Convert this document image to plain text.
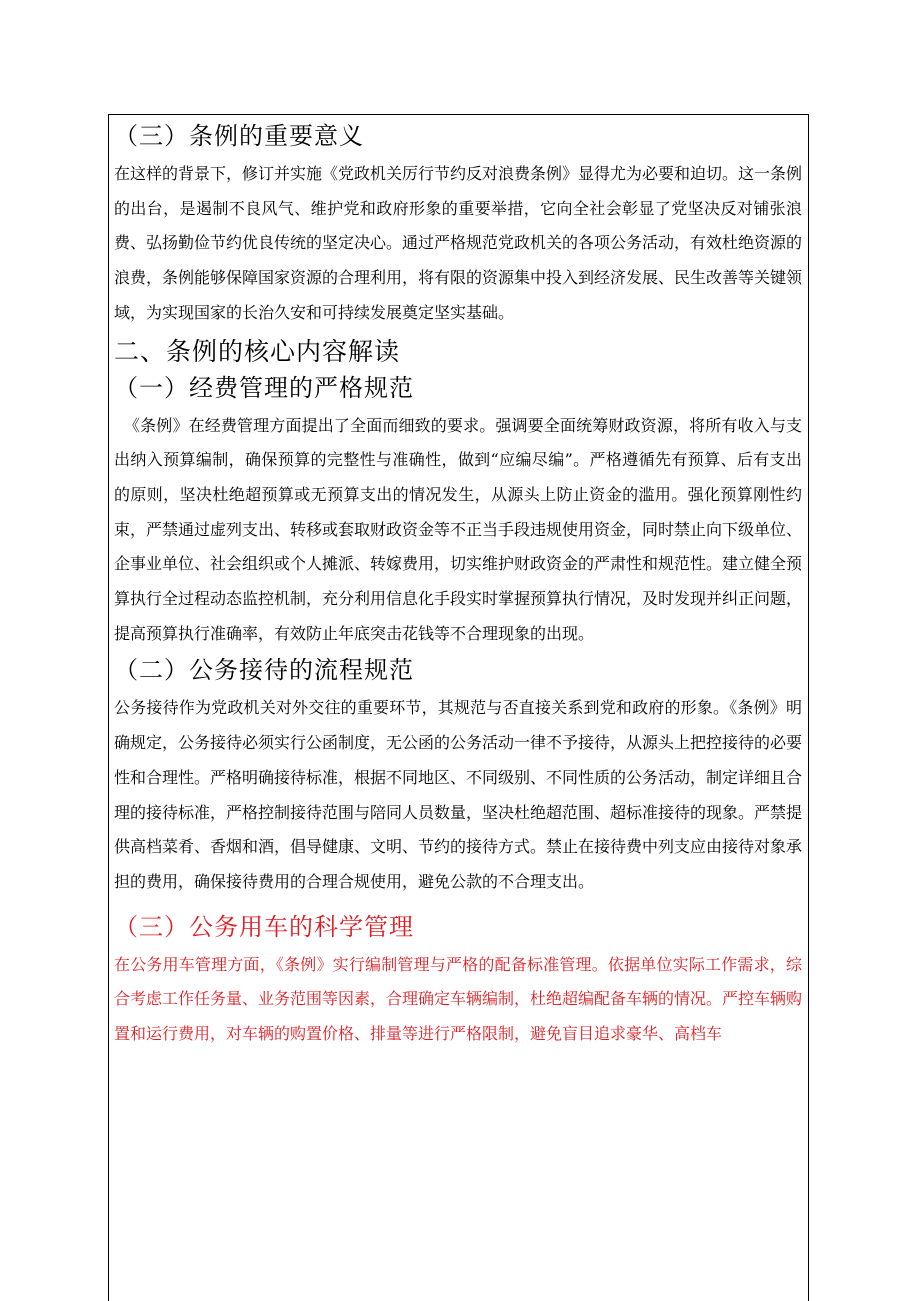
（三）条例的重要意义

在这样的背景下，修订并实施《党政机关厉行节约反对浪费条例》显得尤为必要和迫切。这一条例的出台，是遏制不良风气、维护党和政府形象的重要举措，它向全社会彰显了党坚决反对铺张浪费、弘扬勤俭节约优良传统的坚定决心。通过严格规范党政机关的各项公务活动，有效杜绝资源的浪费，条例能够保障国家资源的合理利用，将有限的资源集中投入到经济发展、民生改善等关键领域，为实现国家的长治久安和可持续发展奠定坚实基础。

二、条例的核心内容解读
（一）经费管理的严格规范

《条例》在经费管理方面提出了全面而细致的要求。强调要全面统筹财政资源，将所有收入与支出纳入预算编制，确保预算的完整性与准确性，做到“应编尽编”。严格遵循先有预算、后有支出的原则，坚决杜绝超预算或无预算支出的情况发生，从源头上防止资金的滥用。强化预算刚性约束，严禁通过虚列支出、转移或套取财政资金等不正当手段违规使用资金，同时禁止向下级单位、企事业单位、社会组织或个人摊派、转嫁费用，切实维护财政资金的严肃性和规范性。建立健全预算执行全过程动态监控机制，充分利用信息化手段实时掌握预算执行情况，及时发现并纠正问题，提高预算执行准确率，有效防止年底突击花钱等不合理现象的出现。

（二）公务接待的流程规范

公务接待作为党政机关对外交往的重要环节，其规范与否直接关系到党和政府的形象。《条例》明确规定，公务接待必须实行公函制度，无公函的公务活动一律不予接待，从源头上把控接待的必要性和合理性。严格明确接待标准，根据不同地区、不同级别、不同性质的公务活动，制定详细且合理的接待标准，严格控制接待范围与陪同人员数量，坚决杜绝超范围、超标准接待的现象。严禁提供高档菜肴、香烟和酒，倡导健康、文明、节约的接待方式。禁止在接待费中列支应由接待对象承担的费用，确保接待费用的合理合规使用，避免公款的不合理支出。

（三）公务用车的科学管理

在公务用车管理方面，《条例》实行编制管理与严格的配备标准管理。依据单位实际工作需求，综合考虑工作任务量、业务范围等因素，合理确定车辆编制，杜绝超编配备车辆的情况。严控车辆购置和运行费用，对车辆的购置价格、排量等进行严格限制，避免盲目追求豪华、高档车
